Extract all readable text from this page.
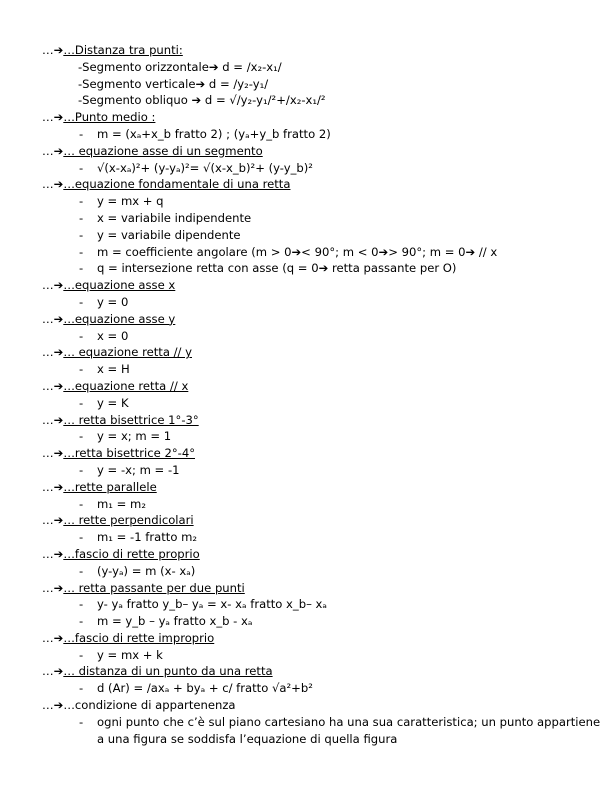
…➔…Distanza tra punti:
-Segmento orizzontale➔ d = /x₂-x₁/
-Segmento verticale➔ d = /y₂-y₁/
-Segmento obliquo ➔ d = √/y₂-y₁/²+/x₂-x₁/²
…➔…Punto medio :
- m = (xₐ+x_b fratto 2) ; (yₐ+y_b fratto 2)
…➔… equazione asse di un segmento
- √(x-xₐ)²+ (y-yₐ)²= √(x-x_b)²+ (y-y_b)²
…➔…equazione fondamentale di una retta
- y = mx + q
- x = variabile indipendente
- y = variabile dipendente
- m = coefficiente angolare (m > 0➔< 90°; m < 0➔> 90°; m = 0➔ // x
- q = intersezione retta con asse (q = 0➔ retta passante per O)
…➔…equazione asse x
- y = 0
…➔…equazione asse y
- x = 0
…➔… equazione retta // y
- x = H
…➔…equazione retta // x
- y = K
…➔… retta bisettrice 1°-3°
- y = x; m = 1
…➔…retta bisettrice 2°-4°
- y = -x; m = -1
…➔…rette parallele
- m₁ = m₂
…➔… rette perpendicolari
- m₁ = -1 fratto m₂
…➔…fascio di rette proprio
- (y-yₐ) = m (x- xₐ)
…➔… retta passante per due punti
- y- yₐ fratto y_b– yₐ = x- xₐ fratto x_b– xₐ
- m = y_b – yₐ fratto x_b - xₐ
…➔…fascio di rette improprio
- y = mx + k
…➔… distanza di un punto da una retta
- d (Ar) = /axₐ + byₐ + c/ fratto √a²+b²
…➔…condizione di appartenenza
-	ogni punto che c’è sul piano cartesiano ha una sua caratteristica; un punto appartiene a una figura se soddisfa l’equazione di quella figura
